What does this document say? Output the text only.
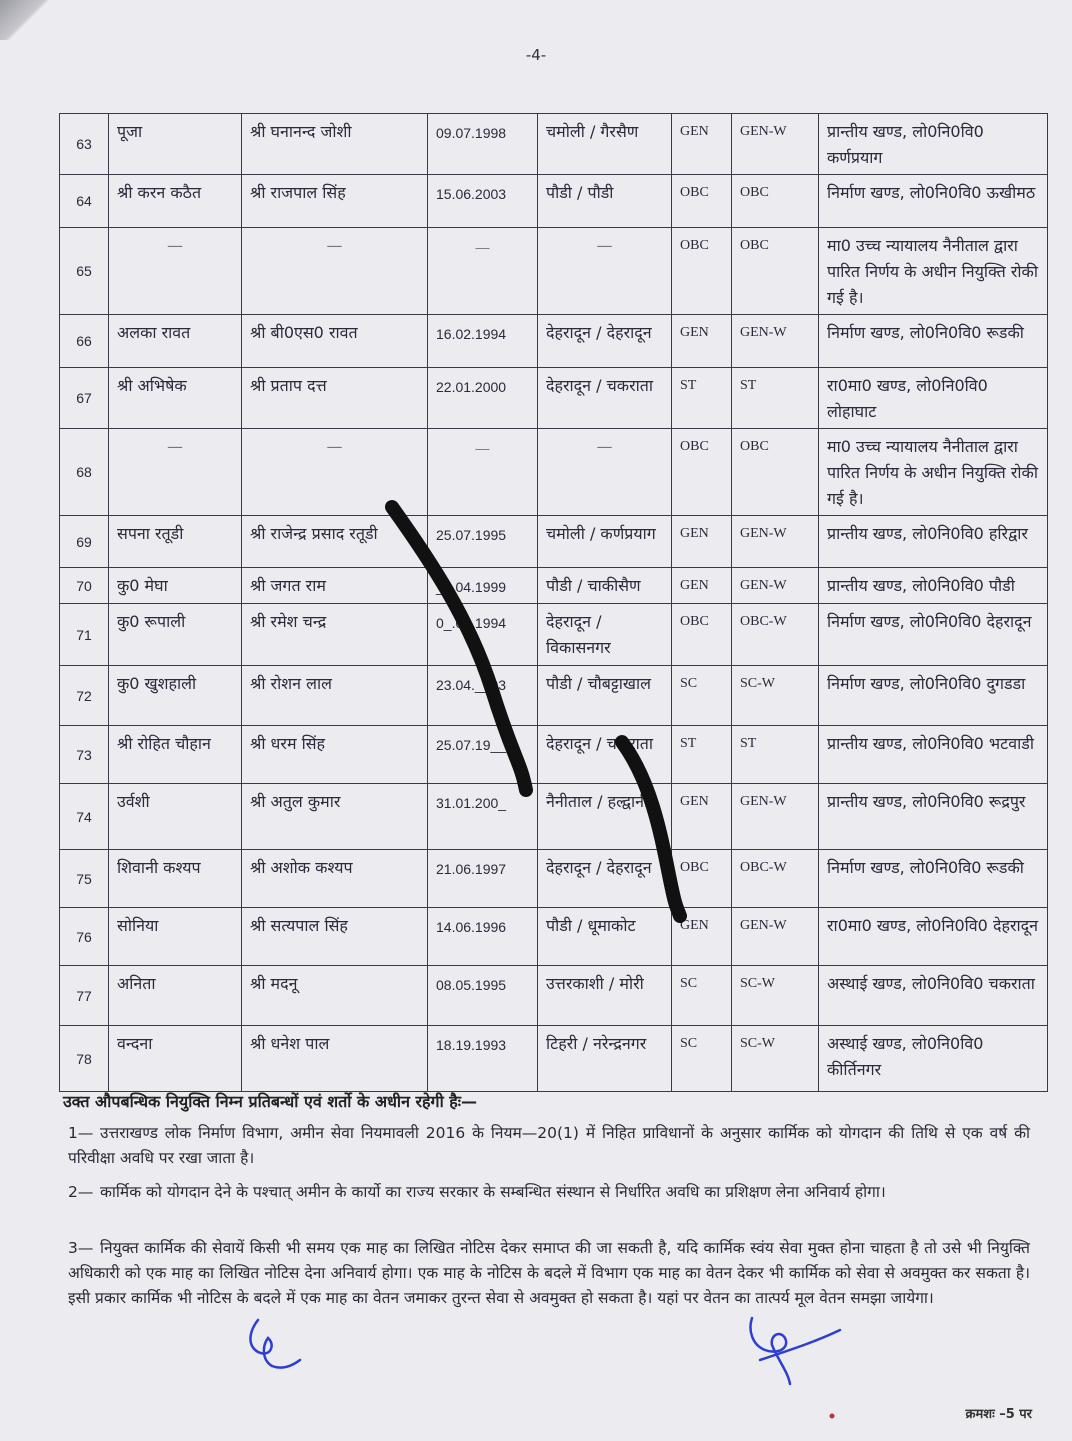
-4-
63	पूजा	श्री घनानन्द जोशी	09.07.1998	चमोली / गैरसैण	GEN	GEN-W	प्रान्तीय खण्ड, लो0नि0वि0 कर्णप्रयाग
64	श्री करन कठैत	श्री राजपाल सिंह	15.06.2003	पौडी / पौडी	OBC	OBC	निर्माण खण्ड, लो0नि0वि0 ऊखीमठ
65	—	—	—	—	OBC	OBC	मा0 उच्च न्यायालय नैनीताल द्वारा पारित निर्णय के अधीन नियुक्ति रोकी गई है।
66	अलका रावत	श्री बी0एस0 रावत	16.02.1994	देहरादून / देहरादून	GEN	GEN-W	निर्माण खण्ड, लो0नि0वि0 रूडकी
67	श्री अभिषेक	श्री प्रताप दत्त	22.01.2000	देहरादून / चकराता	ST	ST	रा0मा0 खण्ड, लो0नि0वि0 लोहाघाट
68	—	—	—	—	OBC	OBC	मा0 उच्च न्यायालय नैनीताल द्वारा पारित निर्णय के अधीन नियुक्ति रोकी गई है।
69	सपना रतूडी	श्री राजेन्द्र प्रसाद रतूडी	25.07.1995	चमोली / कर्णप्रयाग	GEN	GEN-W	प्रान्तीय खण्ड, लो0नि0वि0 हरिद्वार
70	कु0 मेघा	श्री जगत राम	_4.04.1999	पौडी / चाकीसैण	GEN	GEN-W	प्रान्तीय खण्ड, लो0नि0वि0 पौडी
71	कु0 रूपाली	श्री रमेश चन्द्र	0_.07.1994	देहरादून / विकासनगर	OBC	OBC-W	निर्माण खण्ड, लो0नि0वि0 देहरादून
72	कु0 खुशहाली	श्री रोशन लाल	23.04.__03	पौडी / चौबट्टाखाल	SC	SC-W	निर्माण खण्ड, लो0नि0वि0 दुगडडा
73	श्री रोहित चौहान	श्री धरम सिंह	25.07.19__	देहरादून / चकराता	ST	ST	प्रान्तीय खण्ड, लो0नि0वि0 भटवाडी
74	उर्वशी	श्री अतुल कुमार	31.01.200_	नैनीताल / हल्द्वानी	GEN	GEN-W	प्रान्तीय खण्ड, लो0नि0वि0 रूद्रपुर
75	शिवानी कश्यप	श्री अशोक कश्यप	21.06.1997	देहरादून / देहरादून	OBC	OBC-W	निर्माण खण्ड, लो0नि0वि0 रूडकी
76	सोनिया	श्री सत्यपाल सिंह	14.06.1996	पौडी / धूमाकोट	GEN	GEN-W	रा0मा0 खण्ड, लो0नि0वि0 देहरादून
77	अनिता	श्री मदनू	08.05.1995	उत्तरकाशी / मोरी	SC	SC-W	अस्थाई खण्ड, लो0नि0वि0 चकराता
78	वन्दना	श्री धनेश पाल	18.19.1993	टिहरी / नरेन्द्रनगर	SC	SC-W	अस्थाई खण्ड, लो0नि0वि0 कीर्तिनगर
उक्त औपबन्धिक नियुक्ति निम्न प्रतिबन्धों एवं शर्तो के अधीन रहेगी हैः—
1— उत्तराखण्ड लोक निर्माण विभाग, अमीन सेवा नियमावली 2016 के नियम—20(1) में निहित प्राविधानों के अनुसार कार्मिक को योगदान की तिथि से एक वर्ष की परिवीक्षा अवधि पर रखा जाता है।
2— कार्मिक को योगदान देने के पश्चात् अमीन के कार्यो का राज्य सरकार के सम्बन्धित संस्थान से निर्धारित अवधि का प्रशिक्षण लेना अनिवार्य होगा।
3— नियुक्त कार्मिक की सेवायें किसी भी समय एक माह का लिखित नोटिस देकर समाप्त की जा सकती है, यदि कार्मिक स्वंय सेवा मुक्त होना चाहता है तो उसे भी नियुक्ति अधिकारी को एक माह का लिखित नोटिस देना अनिवार्य होगा। एक माह के नोटिस के बदले में विभाग एक माह का वेतन देकर भी कार्मिक को सेवा से अवमुक्त कर सकता है। इसी प्रकार कार्मिक भी नोटिस के बदले में एक माह का वेतन जमाकर तुरन्त सेवा से अवमुक्त हो सकता है। यहां पर वेतन का तात्पर्य मूल वेतन समझा जायेगा।
क्रमशः –5 पर
